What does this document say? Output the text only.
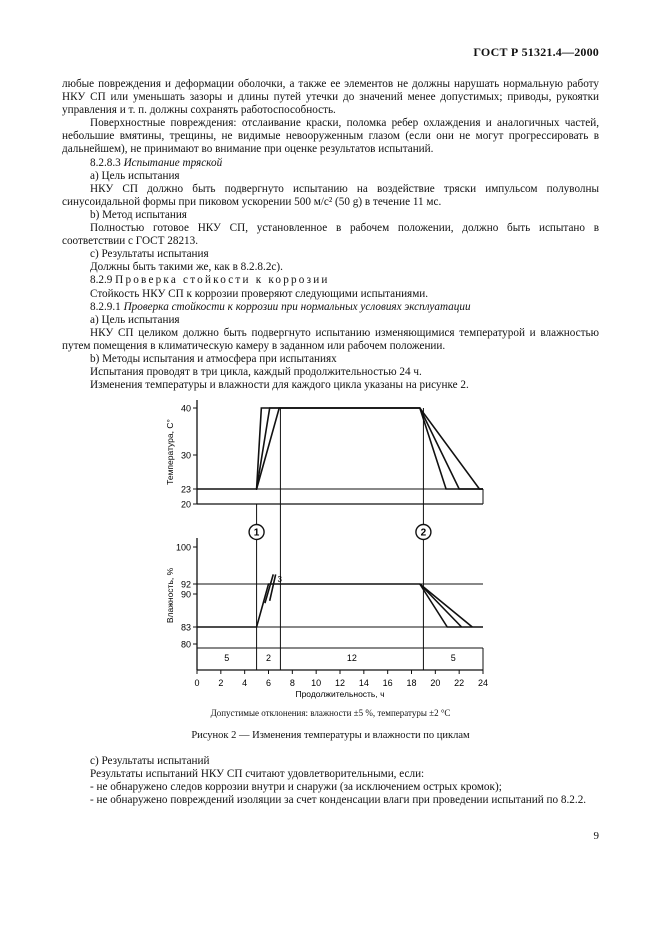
ГОСТ Р 51321.4—2000

любые повреждения и деформации оболочки, а также ее элементов не должны нарушать нормальную работу НКУ СП или уменьшать зазоры и длины путей утечки до значений менее допустимых; приводы, рукоятки управления и т. п. должны сохранять работоспособность.

Поверхностные повреждения: отслаивание краски, поломка ребер охлаждения и аналогичных частей, небольшие вмятины, трещины, не видимые невооруженным глазом (если они не могут прогрессировать в дальнейшем), не принимают во внимание при оценке результатов испытаний.

8.2.8.3 Испытание тряской

а) Цель испытания

НКУ СП должно быть подвергнуто испытанию на воздействие тряски импульсом полуволны синусоидальной формы при пиковом ускорении 500 м/с² (50 g) в течение 11 мс.

b) Метод испытания

Полностью готовое НКУ СП, установленное в рабочем положении, должно быть испытано в соответствии с ГОСТ 28213.

c) Результаты испытания

Должны быть такими же, как в 8.2.8.2с).

8.2.9 Проверка стойкости к коррозии

Стойкость НКУ СП к коррозии проверяют следующими испытаниями.

8.2.9.1 Проверка стойкости к коррозии при нормальных условиях эксплуатации

а) Цель испытания

НКУ СП целиком должно быть подвергнуто испытанию изменяющимися температурой и влажностью путем помещения в климатическую камеру в заданном или рабочем положении.

b) Методы испытания и атмосфера при испытаниях

Испытания проводят в три цикла, каждый продолжительностью 24 ч.

Изменения температуры и влажности для каждого цикла указаны на рисунке 2.

40
30
23
20
100
92
90
83
80
Температура, С°
Влажность, %
0 2 4 6 8 10 12 14 16 18 20 22 24
Продолжительность, ч
3
5	2	12	5
1	2
Допустимые отклонения: влажности ±5 %, температуры ±2 °С
Рисунок 2 — Изменения температуры и влажности по циклам

c) Результаты испытаний

Результаты испытаний НКУ СП считают удовлетворительными, если:

- не обнаружено следов коррозии внутри и снаружи (за исключением острых кромок);

- не обнаружено повреждений изоляции за счет конденсации влаги при проведении испытаний по 8.2.2.

9
